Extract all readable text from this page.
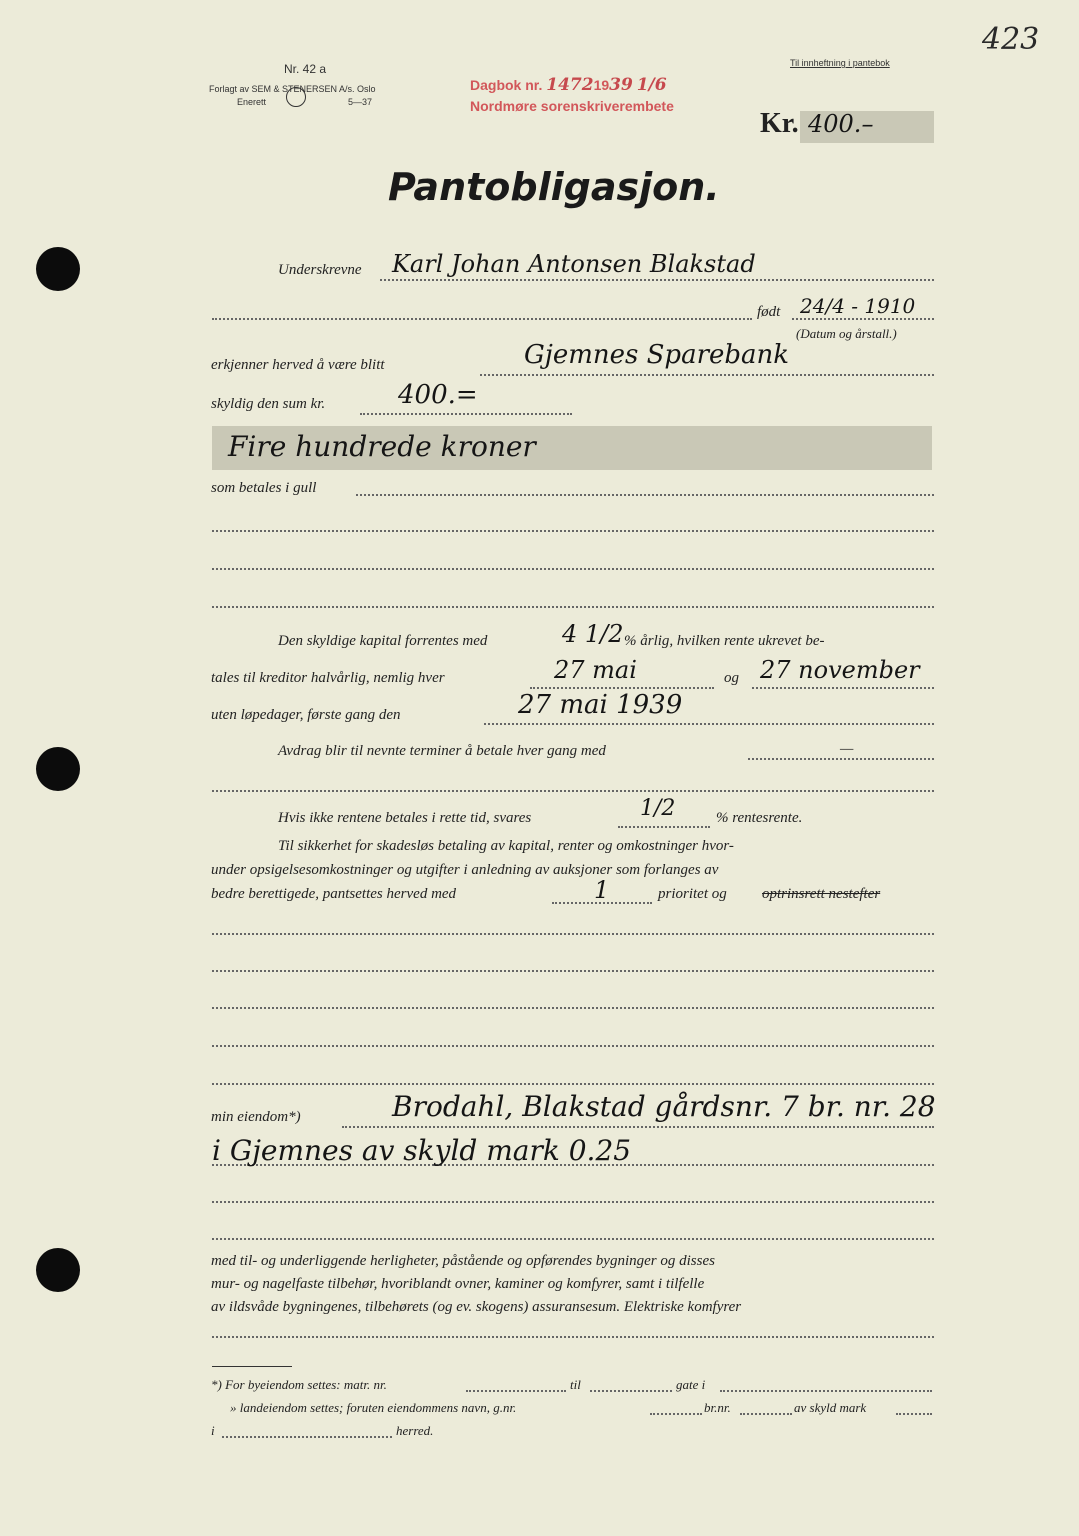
423
Nr. 42 a
Forlagt av SEM & STENERSEN A/s. Oslo
Enerett	5—37
Til innheftning i pantebok
Dagbok nr. 14721939 1/6
Nordmøre sorenskriverembete
Kr. 400.–
Pantobligasjon.
Underskrevne Karl Johan Antonsen Blakstad
født 24/4 - 1910
(Datum og årstall.)
erkjenner herved å være blitt	Gjemnes Sparebank
skyldig den sum kr.	400.=
Fire hundrede kroner
som betales i gull
Den skyldige kapital forrentes med	4 1/2 % årlig, hvilken rente ukrevet be-
tales til kreditor halvårlig, nemlig hver	27 mai	og 27 november
uten løpedager, første gang den	27 mai 1939
Avdrag blir til nevnte terminer å betale hver gang med	—
Hvis ikke rentene betales i rette tid, svares	1/2	% rentesrente.
Til sikkerhet for skadesløs betaling av kapital, renter og omkostninger hvor-
under opsigelsesomkostninger og utgifter i anledning av auksjoner som forlanges av
bedre berettigede, pantsettes herved med	1	prioritet og optrinsrett nestefter
min eiendom*)	Brodahl, Blakstad gårdsnr. 7 br. nr. 28
i Gjemnes av skyld mark 0.25
med til- og underliggende herligheter, påstående og opførendes bygninger og disses
mur- og nagelfaste tilbehør, hvoriblandt ovner, kaminer og komfyrer, samt i tilfelle
av ildsvåde bygningenes, tilbehørets (og ev. skogens) assuransesum. Elektriske komfyrer
*) For byeiendom settes: matr. nr.	til	gate i
» landeiendom settes; foruten eiendommens navn, g.nr.	br.nr.	av skyld mark
i	herred.
